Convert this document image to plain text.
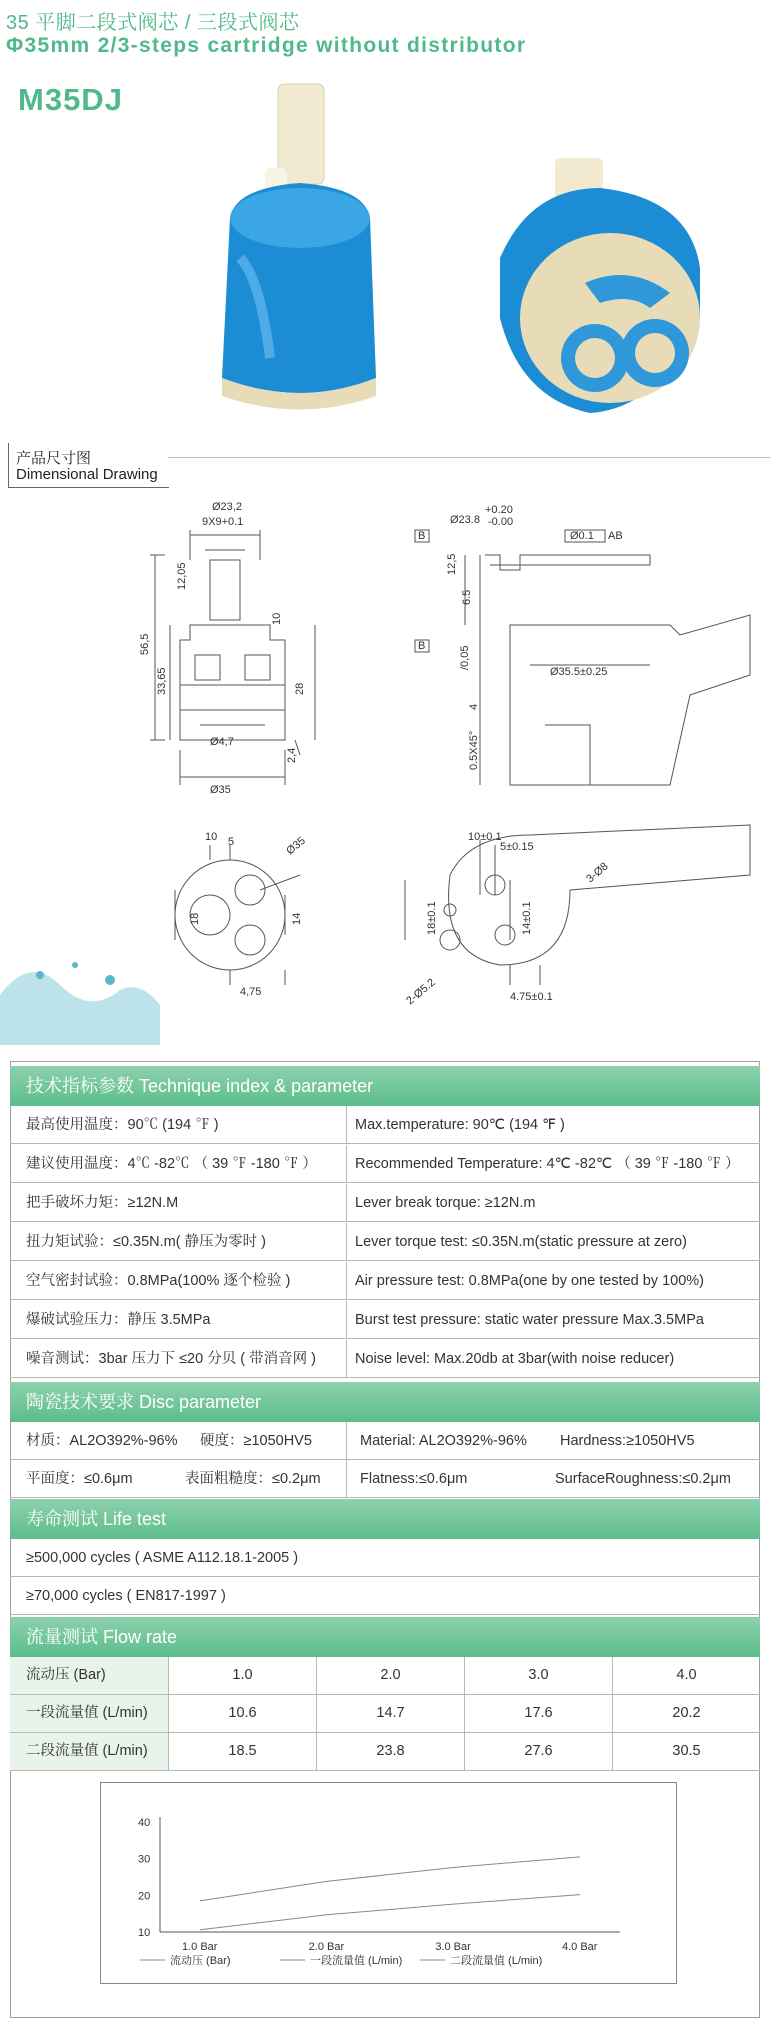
35 平脚二段式阀芯 / 三段式阀芯
Φ35mm 2/3-steps cartridge without distributor
M35DJ
产品尺寸图
Dimensional Drawing
Ø23,2
9X9+0.1
12,05
56,5
33,65
10
28
Ø4,7
2,4
Ø35
Ø23.8
+0.20
-0.00
B	Ø0.1 AB
12,5
6.5
/0,05
Ø35.5±0.25
B
4
0.5X45°
10 5	Ø35
18	14
4,75
10±0.1
5±0.15
3-Ø8
18±0.1	14±0.1
2-Ø5.2	4.75±0.1
技术指标参数 Technique index & parameter
最高使用温度：90℃ (194 ℉ )	Max.temperature: 90℃ (194 ℉ )
建议使用温度：4℃ -82℃ （ 39 ℉ -180 ℉ ）	Recommended Temperature: 4℃ -82℃ （ 39 ℉ -180 ℉ ）
把手破坏力矩：≥12N.M	Lever break torque: ≥12N.m
扭力矩试验：≤0.35N.m( 静压为零时 )	Lever torque test: ≤0.35N.m(static pressure at zero)
空气密封试验：0.8MPa(100% 逐个检验 )	Air pressure test: 0.8MPa(one by one tested by 100%)
爆破试验压力：静压 3.5MPa	Burst test pressure: static water pressure Max.3.5MPa
噪音测试：3bar 压力下 ≤20 分贝 ( 带消音网 )	Noise level: Max.20db at 3bar(with noise reducer)
陶瓷技术要求 Disc parameter
材质：AL2O392%-96% 硬度：≥1050HV5	Material: AL2O392%-96% Hardness:≥1050HV5
平面度：≤0.6μm	表面粗糙度：≤0.2μm	Flatness:≤0.6μm	SurfaceRoughness:≤0.2μm
寿命测试 Life test
≥500,000 cycles ( ASME A112.18.1-2005 )
≥70,000 cycles ( EN817-1997 )
流量测试 Flow rate
流动压 (Bar)	1.0	2.0	3.0	4.0
一段流量值 (L/min)	10.6	14.7	17.6	20.2
二段流量值 (L/min)	18.5	23.8	27.6	30.5
10
20
30
40
1.0 Bar	2.0 Bar	3.0 Bar	4.0 Bar
流动压 (Bar)	一段流量值 (L/min)	二段流量值 (L/min)
